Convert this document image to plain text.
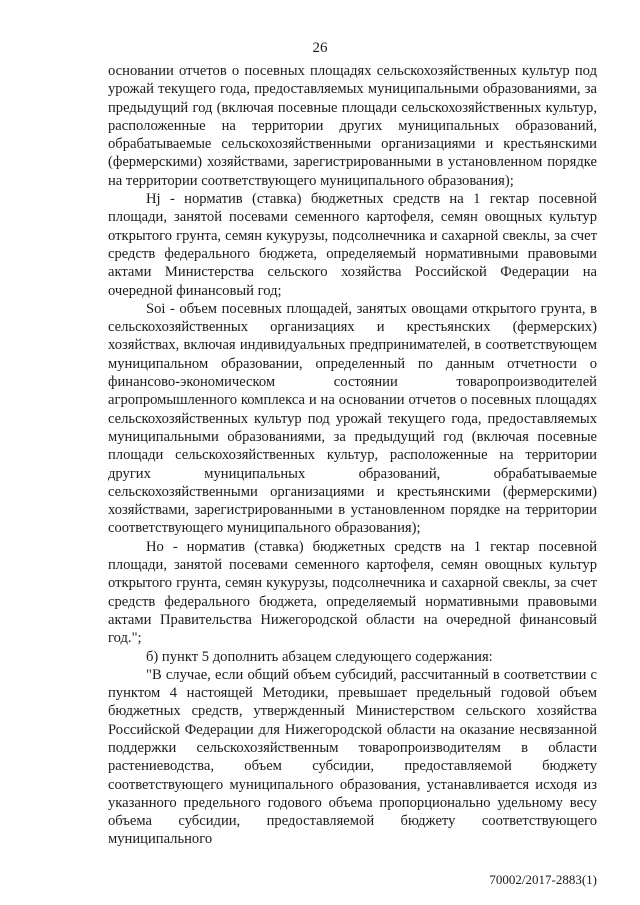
26

основании отчетов о посевных площадях сельскохозяйственных культур под урожай текущего года, предоставляемых муниципальными образованиями, за предыдущий год (включая посевные площади сельскохозяйственных культур, расположенные на территории других муниципальных образований, обрабатываемые сельскохозяйственными организациями и крестьянскими (фермерскими) хозяйствами, зарегистрированными в установленном порядке на территории соответствующего муниципального образования);

Hj - норматив (ставка) бюджетных средств на 1 гектар посевной площади, занятой посевами семенного картофеля, семян овощных культур открытого грунта, семян кукурузы, подсолнечника и сахарной свеклы, за счет средств федерального бюджета, определяемый нормативными правовыми актами Министерства сельского хозяйства Российской Федерации на очередной финансовый год;

Soi - объем посевных площадей, занятых овощами открытого грунта, в сельскохозяйственных организациях и крестьянских (фермерских) хозяйствах, включая индивидуальных предпринимателей, в соответствующем муниципальном образовании, определенный по данным отчетности о финансово-экономическом состоянии товаропроизводителей агропромышленного комплекса и на основании отчетов о посевных площадях сельскохозяйственных культур под урожай текущего года, предоставляемых муниципальными образованиями, за предыдущий год (включая посевные площади сельскохозяйственных культур, расположенные на территории других муниципальных образований, обрабатываемые сельскохозяйственными организациями и крестьянскими (фермерскими) хозяйствами, зарегистрированными в установленном порядке на территории соответствующего муниципального образования);

Ho - норматив (ставка) бюджетных средств на 1 гектар посевной площади, занятой посевами семенного картофеля, семян овощных культур открытого грунта, семян кукурузы, подсолнечника и сахарной свеклы, за счет средств федерального бюджета, определяемый нормативными правовыми актами Правительства Нижегородской области на очередной финансовый год.";

б) пункт 5 дополнить абзацем следующего содержания:

"В случае, если общий объем субсидий, рассчитанный в соответствии с пунктом 4 настоящей Методики, превышает предельный годовой объем бюджетных средств, утвержденный Министерством сельского хозяйства Российской Федерации для Нижегородской области на оказание несвязанной поддержки сельскохозяйственным товаропроизводителям в области растениеводства, объем субсидии, предоставляемой бюджету соответствующего муниципального образования, устанавливается исходя из указанного предельного годового объема пропорционально удельному весу объема субсидии, предоставляемой бюджету соответствующего муниципального

70002/2017-2883(1)
